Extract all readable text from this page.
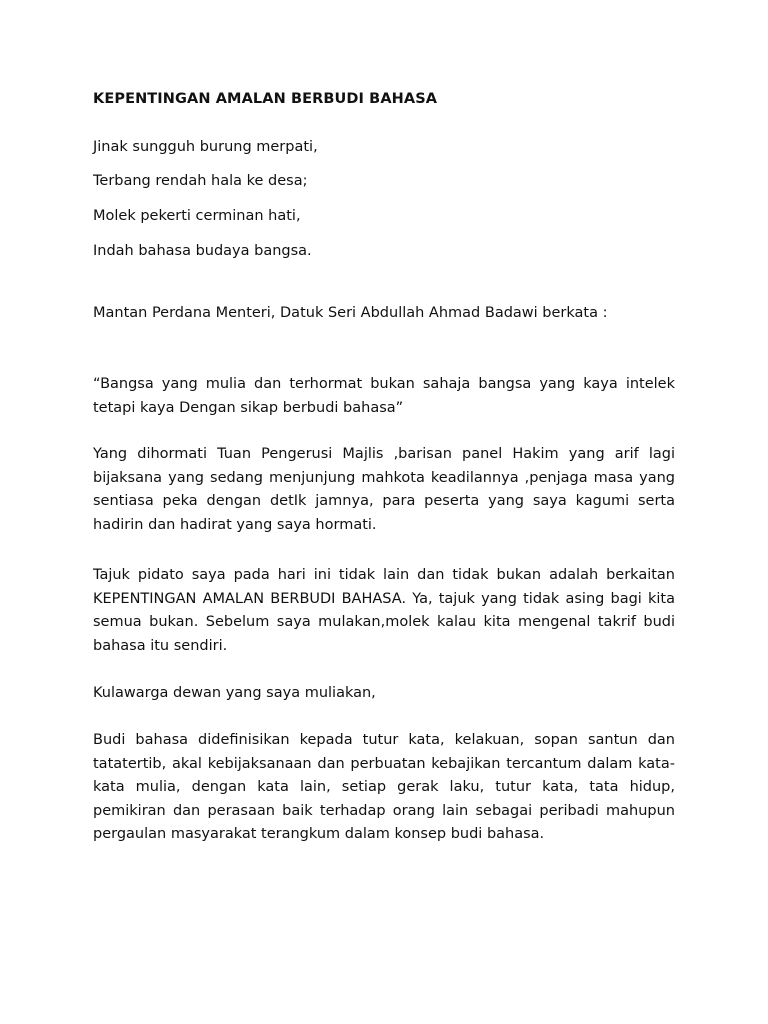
KEPENTINGAN AMALAN BERBUDI BAHASA
Jinak sungguh burung merpati,
Terbang rendah hala ke desa;
Molek pekerti cerminan hati,
Indah bahasa budaya bangsa.

Mantan Perdana Menteri, Datuk Seri Abdullah Ahmad Badawi berkata :

“Bangsa yang mulia dan terhormat bukan sahaja bangsa yang kaya intelek tetapi kaya Dengan sikap berbudi bahasa”

Yang dihormati Tuan Pengerusi Majlis ,barisan panel Hakim yang arif lagi bijaksana yang sedang menjunjung mahkota keadilannya ,penjaga masa yang sentiasa peka dengan detIk jamnya, para peserta yang saya kagumi serta hadirin dan hadirat yang saya hormati.

Tajuk pidato saya pada hari ini tidak lain dan tidak bukan adalah berkaitan KEPENTINGAN AMALAN BERBUDI BAHASA. Ya, tajuk yang tidak asing bagi kita semua bukan. Sebelum saya mulakan,molek kalau kita mengenal takrif budi bahasa itu sendiri.

Kulawarga dewan yang saya muliakan,

Budi bahasa didefinisikan kepada tutur kata, kelakuan, sopan santun dan tatatertib, akal kebijaksanaan dan perbuatan kebajikan tercantum dalam kata-kata mulia, dengan kata lain, setiap gerak laku, tutur kata, tata hidup, pemikiran dan perasaan baik terhadap orang lain sebagai peribadi mahupun pergaulan masyarakat terangkum dalam konsep budi bahasa.
